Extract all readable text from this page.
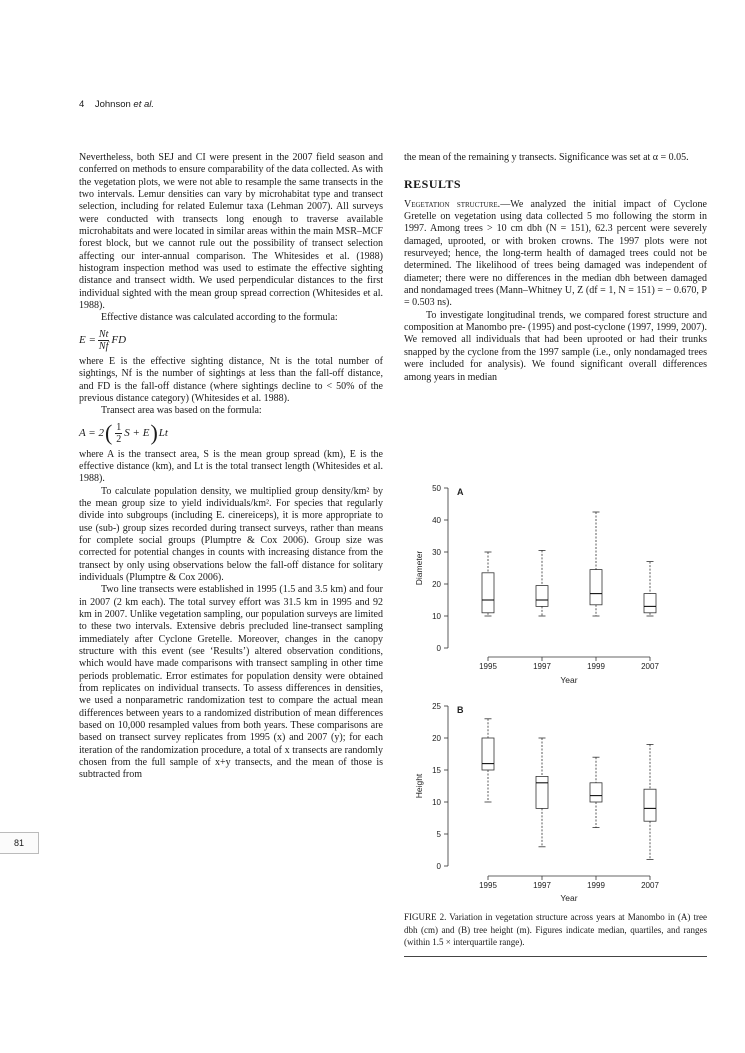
4 Johnson et al.
81

Nevertheless, both SEJ and CI were present in the 2007 field season and conferred on methods to ensure comparability of the data collected. As with the vegetation plots, we were not able to resample the same transects in the two intervals. Lemur densities can vary by microhabitat type and transect selection, including for related Eulemur taxa (Lehman 2007). All surveys were conducted with transects long enough to traverse available microhabitats and were located in similar areas within the main MSR–MCF forest block, but we cannot rule out the possibility of transect selection affecting our inter-annual comparison. The Whitesides et al. (1988) histogram inspection method was used to estimate the effective sighting distance and transect width. We used perpendicular distances to the first individual sighted with the mean group spread correction (Whitesides et al. 1988).

Effective distance was calculated according to the formula:

$E = \frac{Nt}{Nf}$ FD

where E is the effective sighting distance, Nt is the total number of sightings, Nf is the number of sightings at less than the fall-off distance, and FD is the fall-off distance (where sightings decline to < 50% of the previous distance category) (Whitesides et al. 1988).

Transect area was based on the formula:

A = 2 ( $\frac{1}{2}$ S + E ) Lt

where A is the transect area, S is the mean group spread (km), E is the effective distance (km), and Lt is the total transect length (Whitesides et al. 1988).

To calculate population density, we multiplied group density/km² by the mean group size to yield individuals/km². For species that regularly divide into subgroups (including E. cinereiceps), it is more appropriate to use (sub-) group sizes recorded during transect surveys, rather than means for complete social groups (Plumptre & Cox 2006). Group size was corrected for potential changes in counts with increasing distance from the transect by only using observations below the fall-off distance for solitary individuals (Plumptre & Cox 2006).

Two line transects were established in 1995 (1.5 and 3.5 km) and four in 2007 (2 km each). The total survey effort was 31.5 km in 1995 and 92 km in 2007. Unlike vegetation sampling, our population surveys are limited to these two intervals. Extensive debris precluded line-transect sampling immediately after Cyclone Gretelle. Moreover, changes in the canopy structure with this event (see ‘Results’) altered observation conditions, which would have made comparisons with transect sampling in other time periods problematic. Error estimates for population density were obtained from replicates on individual transects. To assess differences in densities, we used a nonparametric randomization test to compare the actual mean differences between years to a randomized distribution of mean differences based on 10,000 resampled values from both years. These comparisons are based on transect survey replicates from 1995 (x) and 2007 (y); for each iteration of the randomization procedure, a total of x transects are randomly chosen from the full sample of x+y transects, and the mean of those is subtracted from

the mean of the remaining y transects. Significance was set at α = 0.05.

RESULTS

Vegetation structure.—We analyzed the initial impact of Cyclone Gretelle on vegetation using data collected 5 mo following the storm in 1997. Among trees > 10 cm dbh (N = 151), 62.3 percent were severely damaged, uprooted, or with broken crowns. The 1997 plots were not resurveyed; hence, the long-term health of damaged trees could not be determined. The likelihood of trees being damaged was independent of diameter; there were no differences in the median dbh between damaged and nondamaged trees (Mann–Whitney U, Z (df = 1, N = 151) = − 0.670, P = 0.503 ns).

To investigate longitudinal trends, we compared forest structure and composition at Manombo pre- (1995) and post-cyclone (1997, 1999, 2007). We removed all individuals that had been uprooted or had their trunks snapped by the cyclone from the 1997 sample (i.e., only nondamaged trees were included for analysis). We found significant overall differences among years in median

0
10
20
30
40
50
Diameter
A
1995	1997	1999	2007
Year
0
5
10
15
20
25
Height
B
1995	1997	1999	2007
Year
FIGURE 2. Variation in vegetation structure across years at Manombo in (A) tree dbh (cm) and (B) tree height (m). Figures indicate median, quartiles, and ranges (within 1.5 × interquartile range).
